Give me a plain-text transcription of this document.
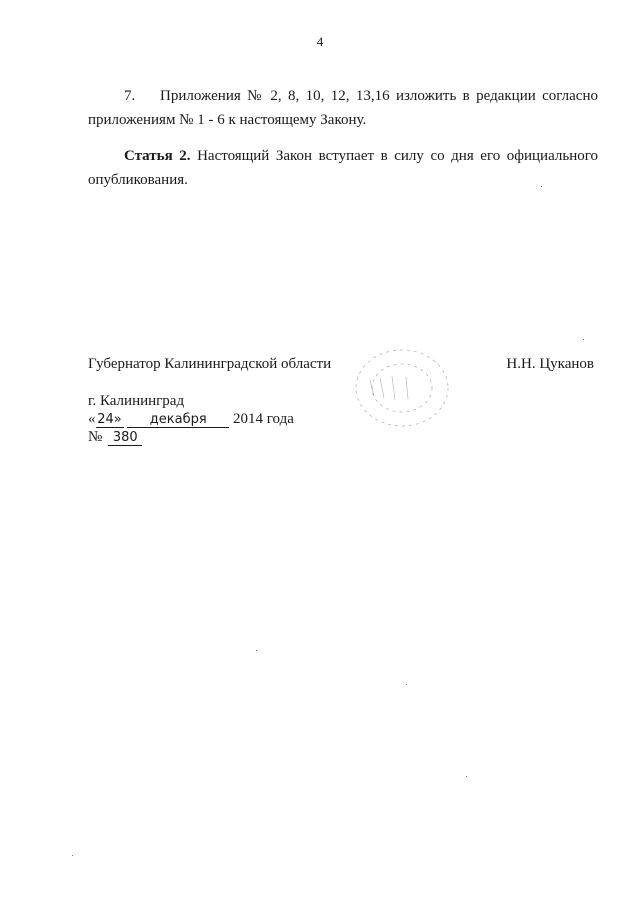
4
7. Приложения № 2, 8, 10, 12, 13,16 изложить в редакции согласно приложениям № 1 - 6 к настоящему Закону.
Статья 2. Настоящий Закон вступает в силу со дня его официального опубликования.
Губернатор Калининградской области	Н.Н. Цуканов
г. Калининград
« 24» декабря 2014 года
№ 380
